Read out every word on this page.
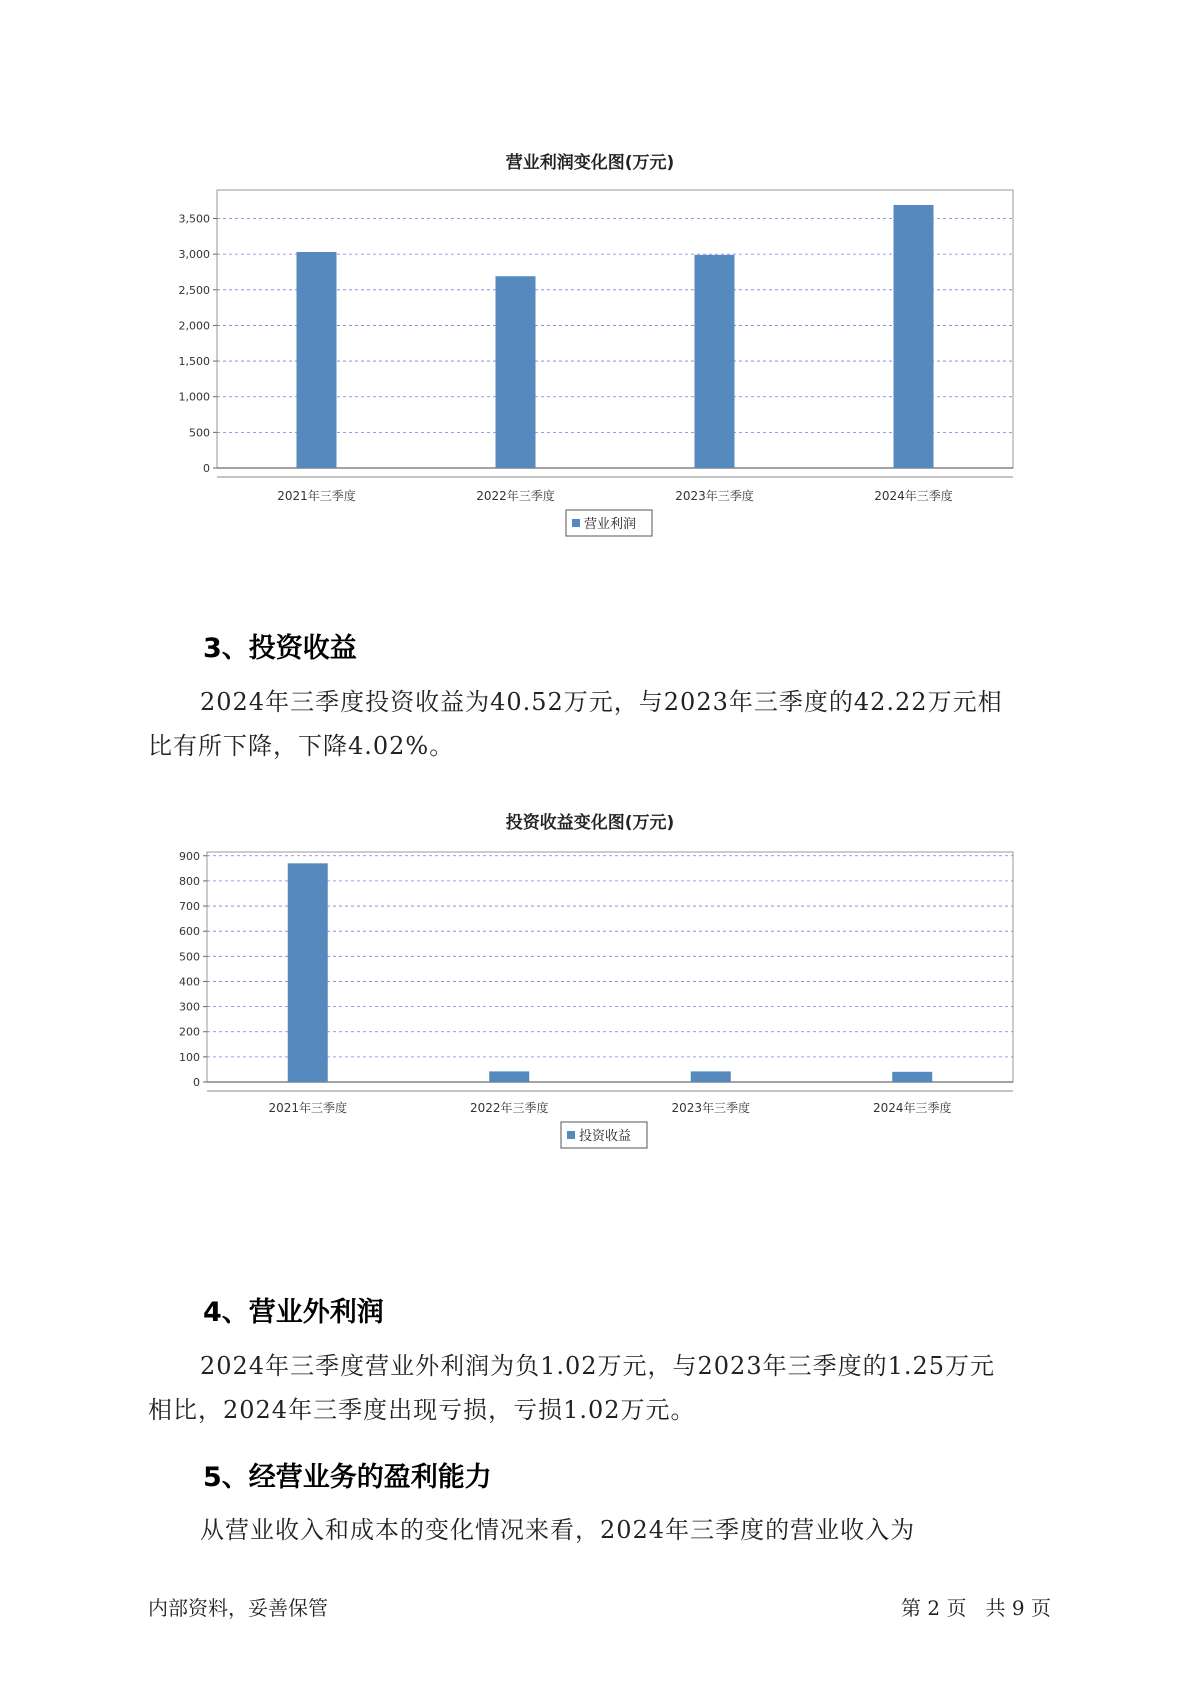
营业利润变化图(万元)
0
500
1,000
1,500
2,000
2,500
3,000
3,500
2021年三季度	2022年三季度	2023年三季度	2024年三季度
营业利润
3、投资收益
2024年三季度投资收益为40.52万元，与2023年三季度的42.22万元相
比有所下降，下降4.02%。
投资收益变化图(万元)
0
100
200
300
400
500
600
700
800
900
2021年三季度	2022年三季度	2023年三季度	2024年三季度
投资收益
4、营业外利润
2024年三季度营业外利润为负1.02万元，与2023年三季度的1.25万元
相比，2024年三季度出现亏损，亏损1.02万元。
5、经营业务的盈利能力
从营业收入和成本的变化情况来看，2024年三季度的营业收入为
内部资料，妥善保管	第 2 页   共 9 页
